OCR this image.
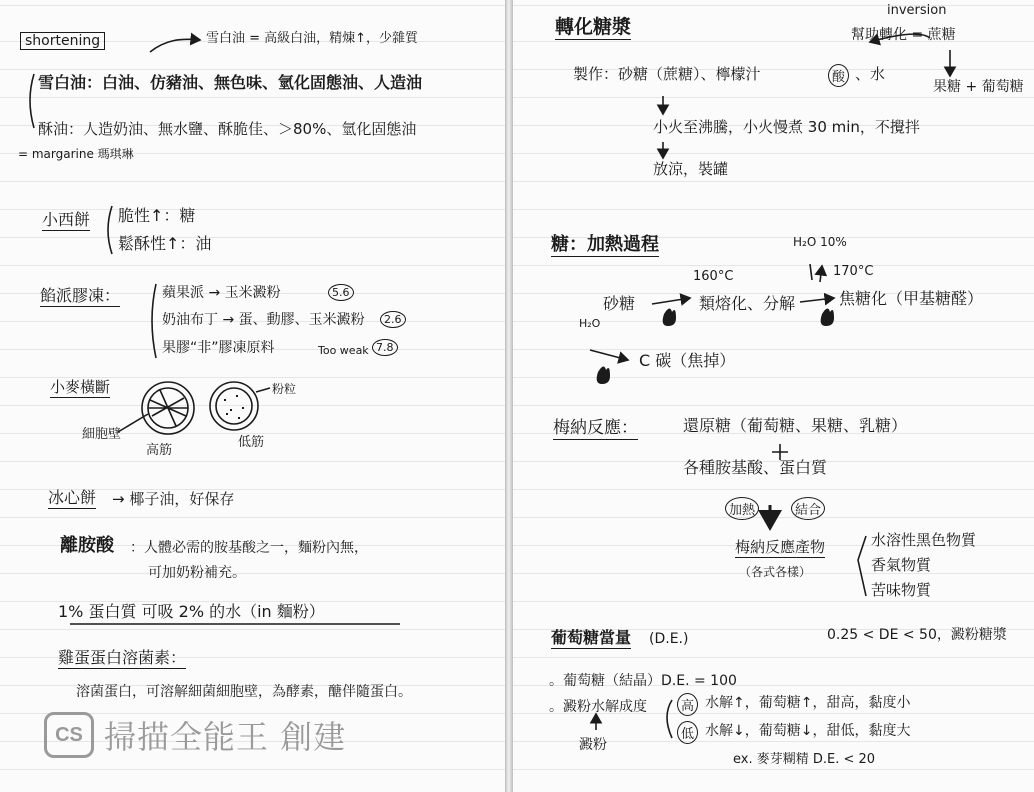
shortening	雪白油 = 高級白油，精煉↑，少雜質
雪白油：白油、仿豬油、無色味、氫化固態油、人造油
酥油：人造奶油、無水鹽、酥脆佳、＞80%、氫化固態油
= margarine 瑪琪琳
小西餅 脆性↑：糖
鬆酥性↑：油
餡派膠凍：	蘋果派 → 玉米澱粉	5.6
奶油布丁 → 蛋、動膠、玉米澱粉	2.6
果膠“非”膠凍原料	Too weak 7.8
小麥橫斷
細胞壁
高筋
低筋
粉粒
冰心餅 → 椰子油，好保存
離胺酸 ：人體必需的胺基酸之一，麵粉內無，
可加奶粉補充。
1% 蛋白質 可吸 2% 的水（in 麵粉）
雞蛋蛋白溶菌素：
溶菌蛋白，可溶解細菌細胞壁，為酵素，醣伴隨蛋白。
CS 掃描全能王 創建
轉化糖漿
inversion
幫助轉化 = 蔗糖
果糖 + 葡萄糖
製作：砂糖（蔗糖）、檸檬汁	酸 、水
小火至沸騰，小火慢煮 30 min，不攪拌
放涼，裝罐
糖：加熱過程	H₂O 10%
160°C	170°C
砂糖	類熔化、分解	焦糖化（甲基糖醛）
H₂O
C 碳（焦掉）
梅納反應：	還原糖（葡萄糖、果糖、乳糖）
各種胺基酸、蛋白質
加熱	結合
梅納反應產物
（各式各樣）
水溶性黑色物質
香氣物質
苦味物質
葡萄糖當量 (D.E.)	0.25 < DE < 50，澱粉糖漿
。葡萄糖（結晶）D.E. = 100
。澱粉水解成度
澱粉
高 水解↑，葡萄糖↑，甜高，黏度小
低 水解↓，葡萄糖↓，甜低，黏度大
ex. 麥芽糊精 D.E. < 20
